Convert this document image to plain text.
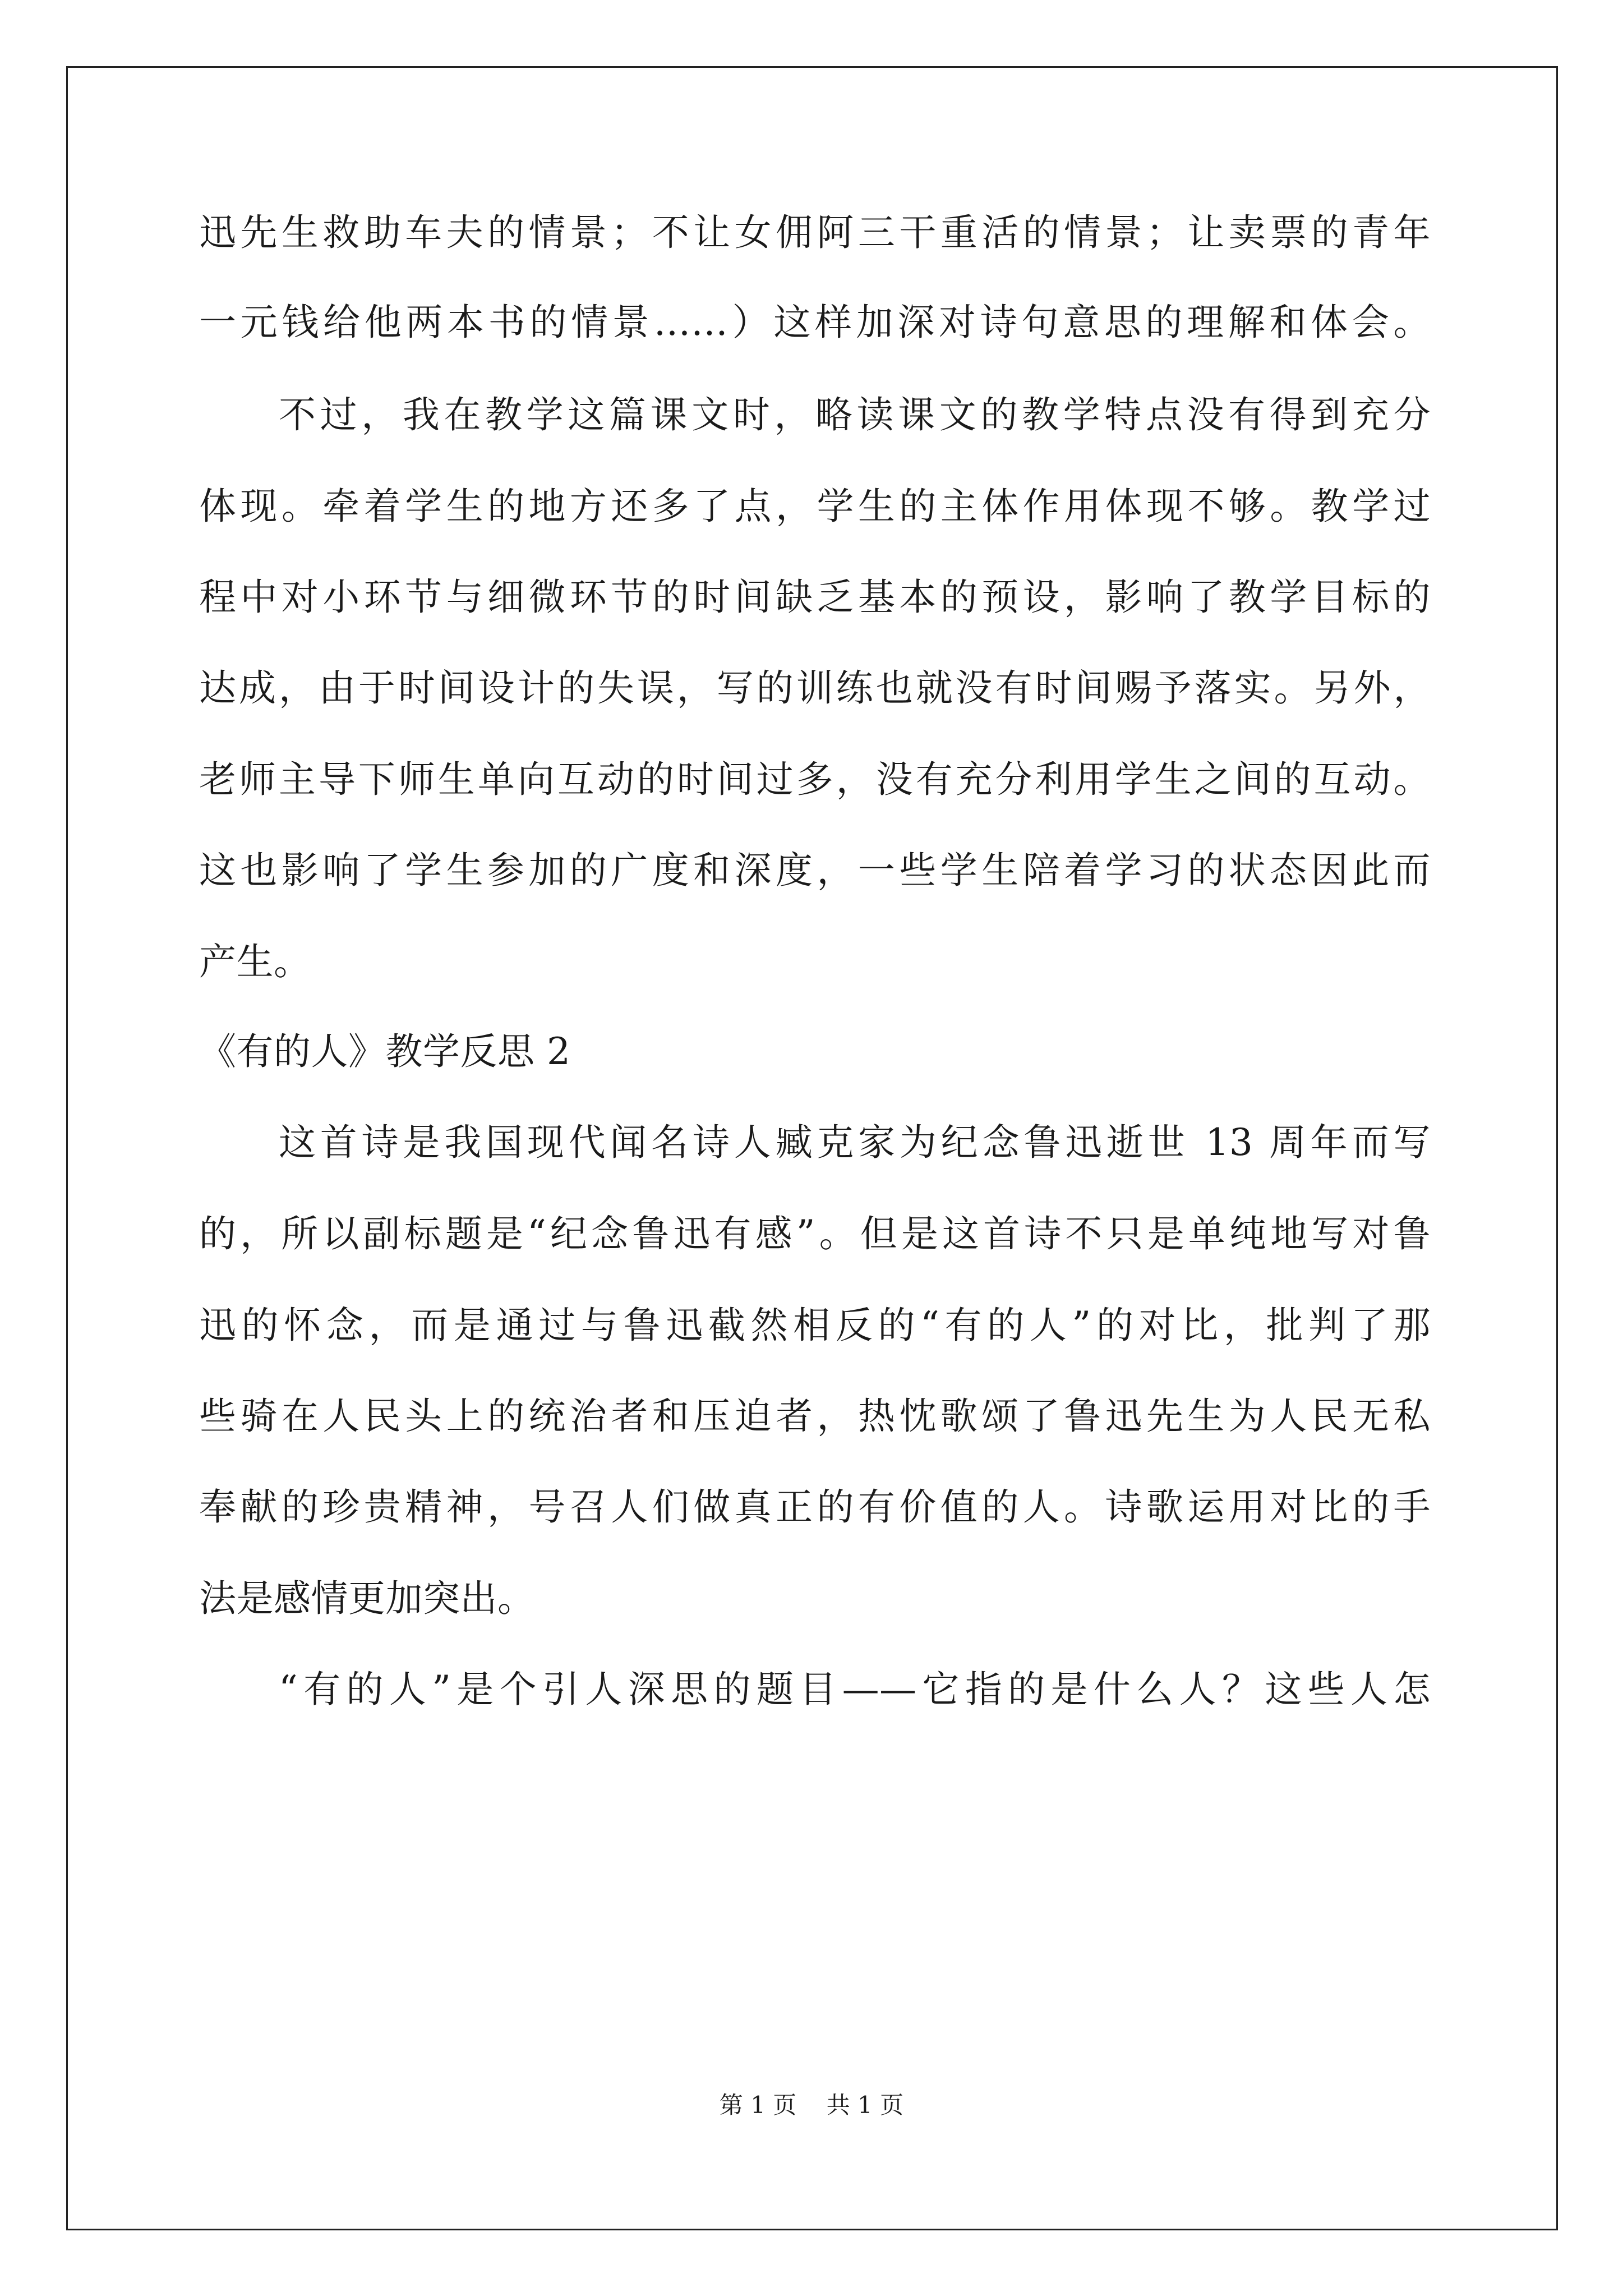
迅先生救助车夫的情景；不让女佣阿三干重活的情景；让卖票的青年
一元钱给他两本书的情景……）这样加深对诗句意思的理解和体会。
不过，我在教学这篇课文时，略读课文的教学特点没有得到充分
体现。牵着学生的地方还多了点，学生的主体作用体现不够。教学过
程中对小环节与细微环节的时间缺乏基本的预设，影响了教学目标的
达成，由于时间设计的失误，写的训练也就没有时间赐予落实。另外，
老师主导下师生单向互动的时间过多，没有充分利用学生之间的互动。
这也影响了学生参加的广度和深度，一些学生陪着学习的状态因此而
产生。
《有的人》教学反思 2
这首诗是我国现代闻名诗人臧克家为纪念鲁迅逝世 13 周年而写
的，所以副标题是“纪念鲁迅有感”。但是这首诗不只是单纯地写对鲁
迅的怀念，而是通过与鲁迅截然相反的“有的人”的对比，批判了那
些骑在人民头上的统治者和压迫者，热忱歌颂了鲁迅先生为人民无私
奉献的珍贵精神，号召人们做真正的有价值的人。诗歌运用对比的手
法是感情更加突出。
“有的人”是个引人深思的题目——它指的是什么人？这些人怎
第 1 页 共 1 页
